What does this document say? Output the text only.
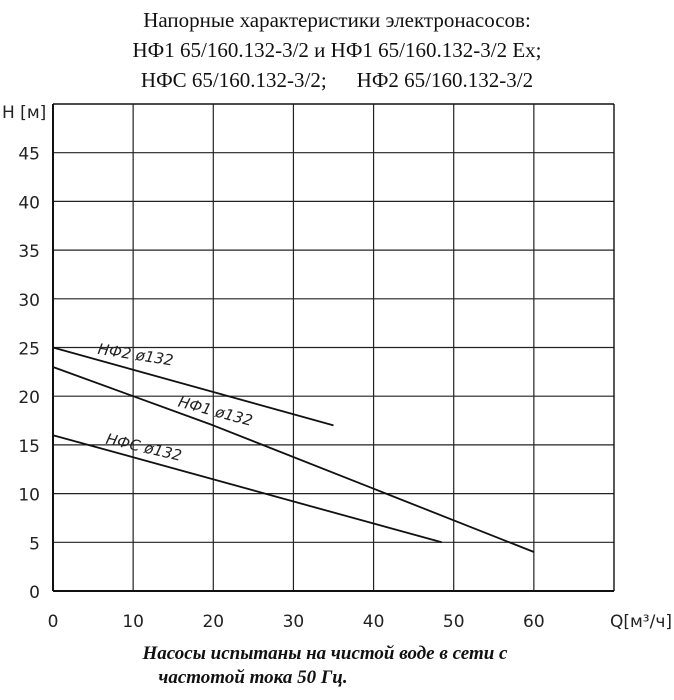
Напорные характеристики электронасосов:
НФ1 65/160.132-3/2 и НФ1 65/160.132-3/2 Ex;
НФС 65/160.132-3/2; НФ2 65/160.132-3/2
0
5
10
15
20
25
30
35
40
45
0	10	20	30	40	50	60
НФ2 ø132
НФ1 ø132
НФС ø132
Н [м]
Q[м³/ч]
Насосы испытаны на чистой воде в сети с
частотой тока 50 Гц.
